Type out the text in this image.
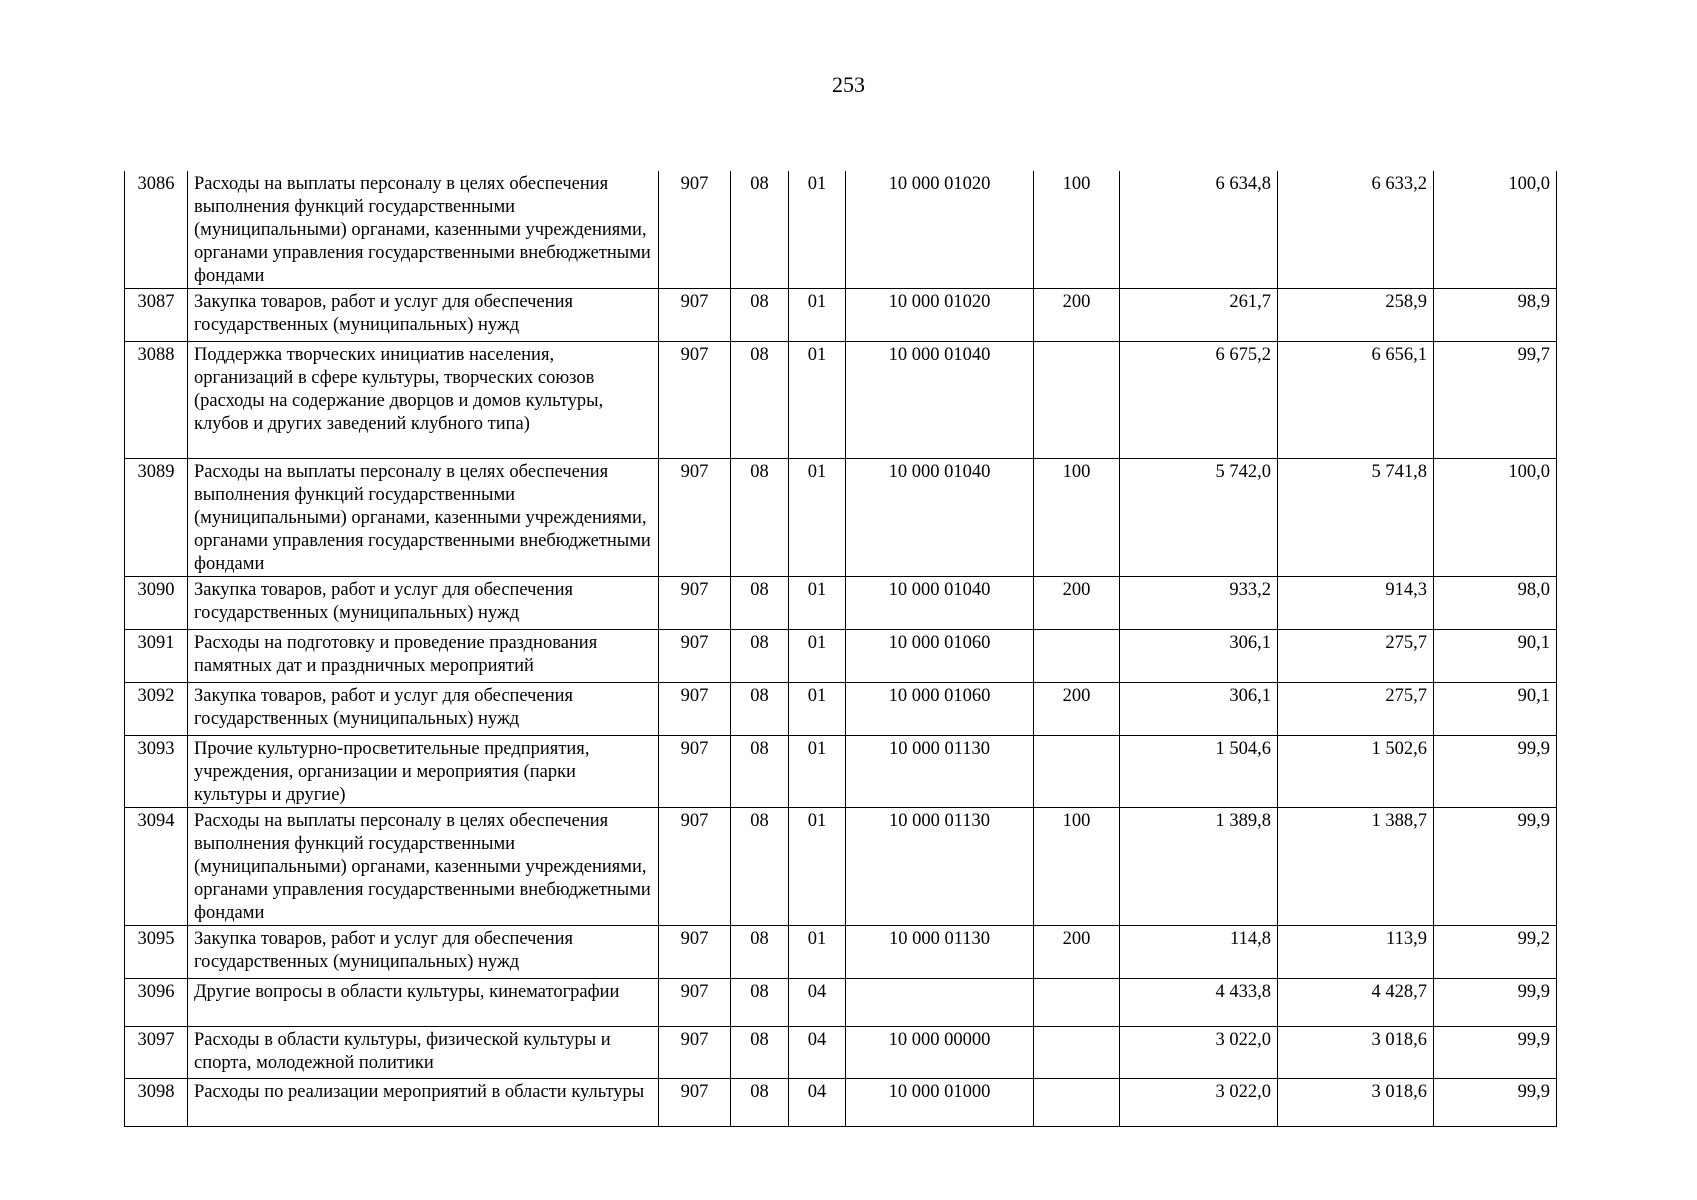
253
3086	Расходы на выплаты персоналу в целях обеспечения выполнения функций государственными (муниципальными) органами, казенными учреждениями, органами управления государственными внебюджетными фондами	907	08	01	10 000 01020	100	6 634,8	6 633,2	100,0
3087	Закупка товаров, работ и услуг для обеспечения государственных (муниципальных) нужд	907	08	01	10 000 01020	200	261,7	258,9	98,9
3088	Поддержка творческих инициатив населения, организаций в сфере культуры, творческих союзов (расходы на содержание дворцов и домов культуры, клубов и других заведений клубного типа)	907	08	01	10 000 01040		6 675,2	6 656,1	99,7
3089	Расходы на выплаты персоналу в целях обеспечения выполнения функций государственными (муниципальными) органами, казенными учреждениями, органами управления государственными внебюджетными фондами	907	08	01	10 000 01040	100	5 742,0	5 741,8	100,0
3090	Закупка товаров, работ и услуг для обеспечения государственных (муниципальных) нужд	907	08	01	10 000 01040	200	933,2	914,3	98,0
3091	Расходы на подготовку и проведение празднования памятных дат и праздничных мероприятий	907	08	01	10 000 01060		306,1	275,7	90,1
3092	Закупка товаров, работ и услуг для обеспечения государственных (муниципальных) нужд	907	08	01	10 000 01060	200	306,1	275,7	90,1
3093	Прочие культурно-просветительные предприятия, учреждения, организации и мероприятия (парки культуры и другие)	907	08	01	10 000 01130		1 504,6	1 502,6	99,9
3094	Расходы на выплаты персоналу в целях обеспечения выполнения функций государственными (муниципальными) органами, казенными учреждениями, органами управления государственными внебюджетными фондами	907	08	01	10 000 01130	100	1 389,8	1 388,7	99,9
3095	Закупка товаров, работ и услуг для обеспечения государственных (муниципальных) нужд	907	08	01	10 000 01130	200	114,8	113,9	99,2
3096	Другие вопросы в области культуры, кинематографии	907	08	04			4 433,8	4 428,7	99,9
3097	Расходы в области культуры, физической культуры и спорта, молодежной политики	907	08	04	10 000 00000		3 022,0	3 018,6	99,9
3098	Расходы по реализации мероприятий в области культуры	907	08	04	10 000 01000		3 022,0	3 018,6	99,9
